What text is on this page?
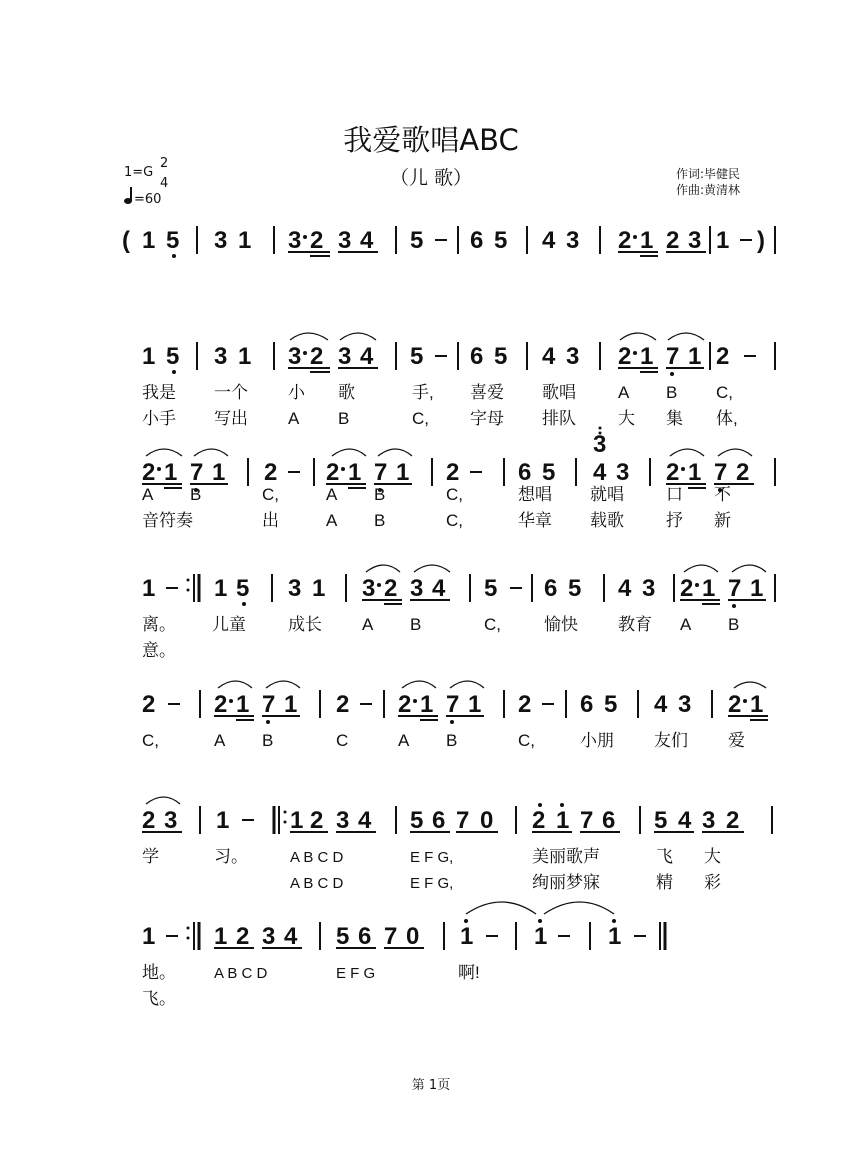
我爱歌唱ABC
（儿 歌）
1=G
2
4
=60
作词:毕健民
作曲:黄清林
( 1 5 3 1 3 2 3 4 5 6 5 4 3 2 1 2 3 1 )
1 5 3 1 3 2 3 4 5 6 5 4 3 2 1 7 1 2
我是 一个 小 歌	手, 喜爱 歌唱 A B C,
小手 写出 A B	C, 字母 排队 大 集 体,
2 1 7 1 2 2 1 7 1 2 6 5
3
4 3 2 1 7 2
A B	C,	A B	C,	想唱 就唱 口 不
音符奏	出	A B	C,	华章 载歌 抒 新
1 1 5 3 1 3 2 3 4 5 6 5 4 3 2 1 7 1
离。 儿童 成长 A B	C,	愉快 教育 A B
意。
2 2 1 7 1 2 2 1 7 1 2 6 5 4 3 2 1
C,	A B	C	A B	C,	小朋 友们 爱
2 3 1	1 2 3 4 5 6 7 0 2 1 7 6 5 4 3 2
学	习。	A B C D	E F G,	美丽歌声	飞 大
A B C D	E F G,	绚丽梦寐	精 彩
1 1 2 3 4 5 6 7 0 1	1	1
地。	A B C D	E F G	啊!
飞。
第 1页
